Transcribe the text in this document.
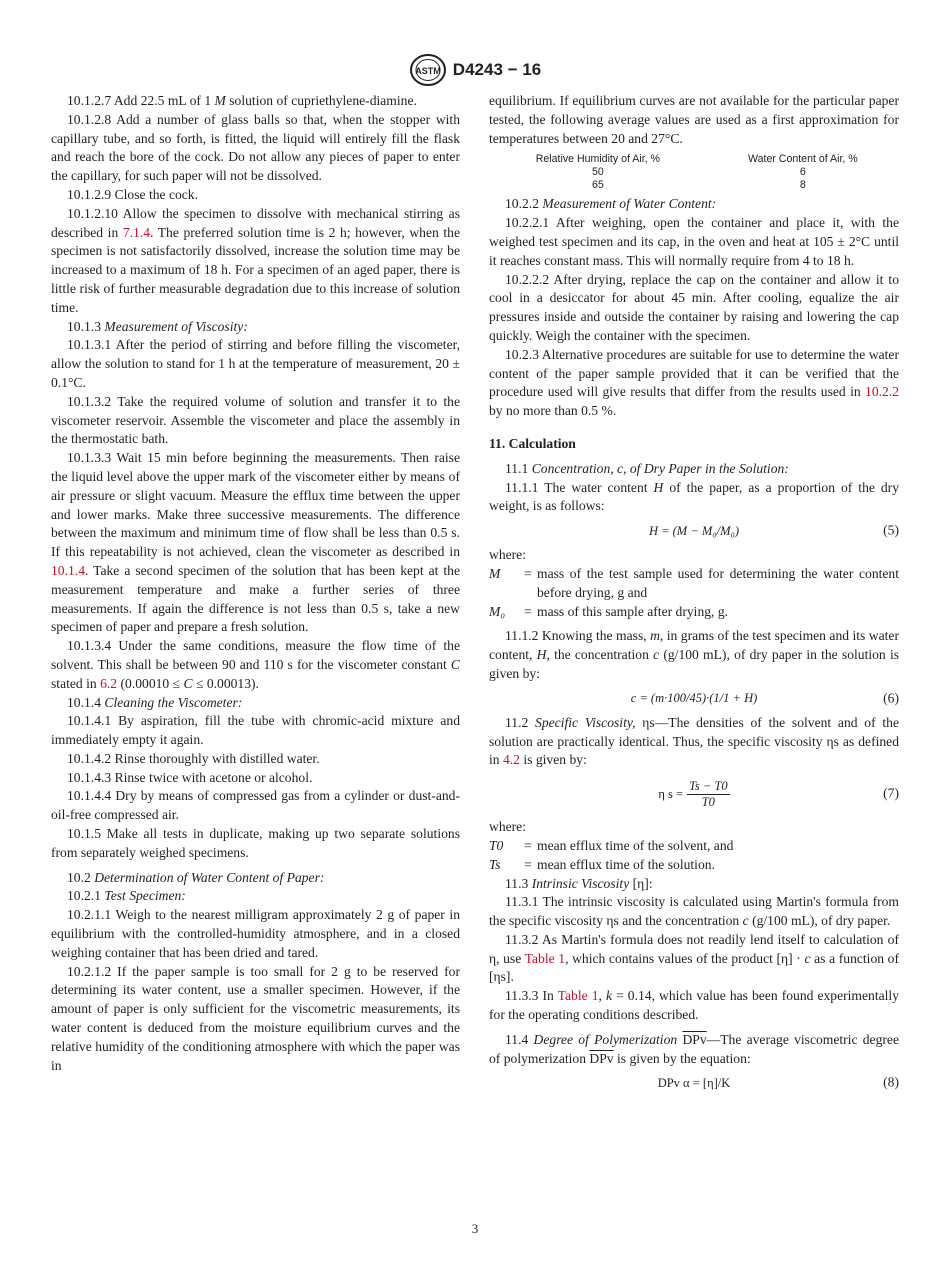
ASTM D4243 − 16

10.1.2.7 Add 22.5 mL of 1 M solution of cupriethylene-diamine.

10.1.2.8 Add a number of glass balls so that, when the stopper with capillary tube, and so forth, is fitted, the liquid will entirely fill the flask and reach the bore of the cock. Do not allow any pieces of paper to enter the capillary, for such paper will not be dissolved.

10.1.2.9 Close the cock.

10.1.2.10 Allow the specimen to dissolve with mechanical stirring as described in 7.1.4. The preferred solution time is 2 h; however, when the specimen is not satisfactorily dissolved, increase the solution time may be increased to a maximum of 18 h. For a specimen of an aged paper, there is little risk of further measurable degradation due to this increase of solution time.

10.1.3 Measurement of Viscosity:

10.1.3.1 After the period of stirring and before filling the viscometer, allow the solution to stand for 1 h at the temperature of measurement, 20 ± 0.1°C.

10.1.3.2 Take the required volume of solution and transfer it to the viscometer reservoir. Assemble the viscometer and place the assembly in the thermostatic bath.

10.1.3.3 Wait 15 min before beginning the measurements. Then raise the liquid level above the upper mark of the viscometer either by means of air pressure or slight vacuum. Measure the efflux time between the upper and lower marks. Make three successive measurements. The difference between the maximum and minimum time of flow shall be less than 0.5 s. If this repeatability is not achieved, clean the viscometer as described in 10.1.4. Take a second specimen of the solution that has been kept at the measurement temperature and make a further series of three measurements. If again the difference is not less than 0.5 s, take a new specimen of paper and prepare a fresh solution.

10.1.3.4 Under the same conditions, measure the flow time of the solvent. This shall be between 90 and 110 s for the viscometer constant C stated in 6.2 (0.00010 ≤ C ≤ 0.00013).

10.1.4 Cleaning the Viscometer:

10.1.4.1 By aspiration, fill the tube with chromic-acid mixture and immediately empty it again.

10.1.4.2 Rinse thoroughly with distilled water.

10.1.4.3 Rinse twice with acetone or alcohol.

10.1.4.4 Dry by means of compressed gas from a cylinder or dust-and-oil-free compressed air.

10.1.5 Make all tests in duplicate, making up two separate solutions from separately weighed specimens.

10.2 Determination of Water Content of Paper:

10.2.1 Test Specimen:

10.2.1.1 Weigh to the nearest milligram approximately 2 g of paper in equilibrium with the controlled-humidity atmosphere, and in a closed weighing container that has been dried and tared.

10.2.1.2 If the paper sample is too small for 2 g to be reserved for determining its water content, use a smaller specimen. However, if the amount of paper is only sufficient for the viscometric measurements, its water content is deduced from the moisture equilibrium curves and the relative humidity of the conditioning atmosphere with which the paper was in

equilibrium. If equilibrium curves are not available for the particular paper tested, the following average values are used as a first approximation for temperatures between 20 and 27°C.

Relative Humidity of Air, %	Water Content of Air, %
50	6
65	8

10.2.2 Measurement of Water Content:

10.2.2.1 After weighing, open the container and place it, with the weighed test specimen and its cap, in the oven and heat at 105 ± 2°C until it reaches constant mass. This will normally require from 4 to 18 h.

10.2.2.2 After drying, replace the cap on the container and allow it to cool in a desiccator for about 45 min. After cooling, equalize the air pressures inside and outside the container by raising and lowering the cap quickly. Weigh the container with the specimen.

10.2.3 Alternative procedures are suitable for use to determine the water content of the paper sample provided that it can be verified that the procedure used will give results that differ from the results used in 10.2.2 by no more than 0.5 %.

11. Calculation

11.1 Concentration, c, of Dry Paper in the Solution:

11.1.1 The water content H of the paper, as a proportion of the dry weight, is as follows:

H = (M − M₀/M₀)	(5)

where:

M	= mass of the test sample used for determining the water content before drying, g and
M₀	= mass of this sample after drying, g.

11.1.2 Knowing the mass, m, in grams of the test specimen and its water content, H, the concentration c (g/100 mL), of dry paper in the solution is given by:

c = (m·100/45)·(1/1 + H)	(6)

11.2 Specific Viscosity, ηs—The densities of the solvent and of the solution are practically identical. Thus, the specific viscosity ηs as defined in 4.2 is given by:

η $s = \frac{Ts - T0}{T0}$	(7)

where:

T0	= mean efflux time of the solvent, and
Ts	= mean efflux time of the solution.

11.3 Intrinsic Viscosity [η]:

11.3.1 The intrinsic viscosity is calculated using Martin's formula from the specific viscosity ηs and the concentration c (g/100 mL), of dry paper.

11.3.2 As Martin's formula does not readily lend itself to calculation of η, use Table 1, which contains values of the product [η] · c as a function of [ηs].

11.3.3 In Table 1, k = 0.14, which value has been found experimentally for the operating conditions described.

11.4 Degree of Polymerization $\overline{DPv}—The$ average viscometric degree of polymerization $\overline{DPv}$ is given by the equation:

DPv α = [η]/K	(8)
3
